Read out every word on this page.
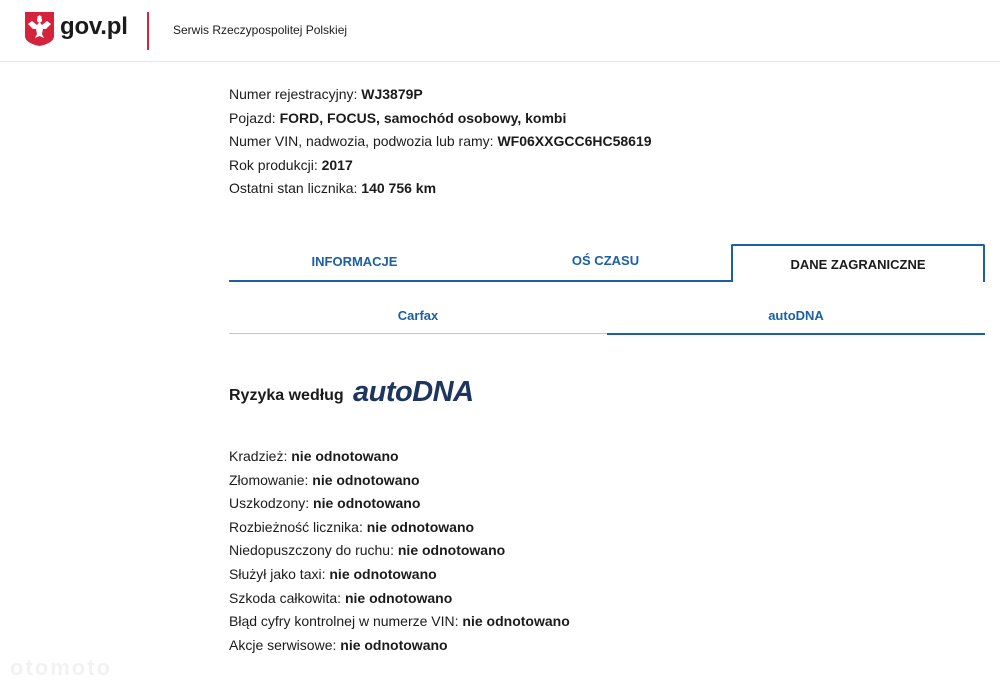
gov.pl	Serwis Rzeczypospolitej Polskiej
Numer rejestracyjny: WJ3879P
Pojazd: FORD, FOCUS, samochód osobowy, kombi
Numer VIN, nadwozia, podwozia lub ramy: WF06XXGCC6HC58619
Rok produkcji: 2017
Ostatni stan licznika: 140 756 km
INFORMACJE	OŚ CZASU	DANE ZAGRANICZNE
Carfax	autoDNA
Ryzyka według autoDNA
Kradzież: nie odnotowano
Złomowanie: nie odnotowano
Uszkodzony: nie odnotowano
Rozbieżność licznika: nie odnotowano
Niedopuszczony do ruchu: nie odnotowano
Służył jako taxi: nie odnotowano
Szkoda całkowita: nie odnotowano
Błąd cyfry kontrolnej w numerze VIN: nie odnotowano
Akcje serwisowe: nie odnotowano
otomoto
